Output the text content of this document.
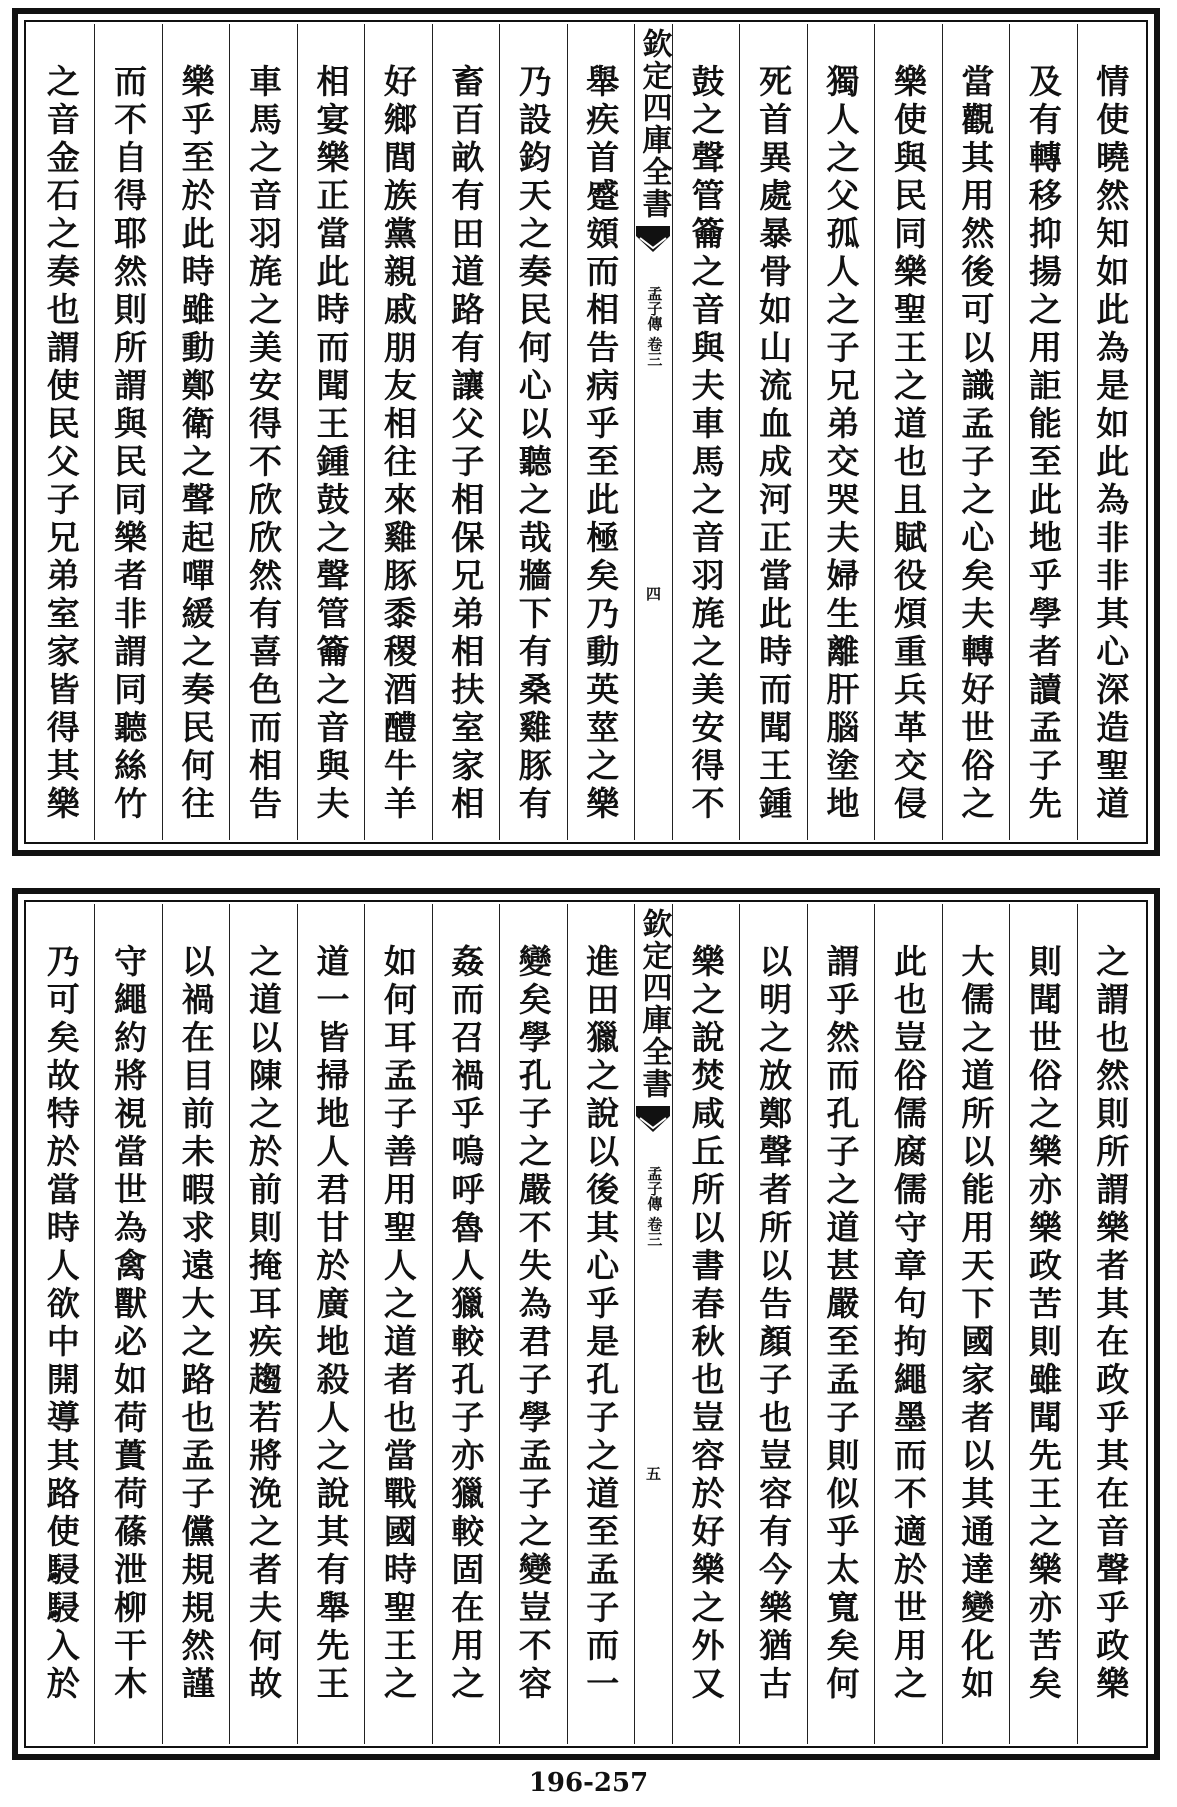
情使曉然知如此為是如此為非非其心深造聖道
及有轉移抑揚之用詎能至此地乎學者讀孟子先
當觀其用然後可以識孟子之心矣夫轉好世俗之
樂使與民同樂聖王之道也且賦役煩重兵革交侵
獨人之父孤人之子兄弟交哭夫婦生離肝腦塗地
死首異處暴骨如山流血成河正當此時而聞王鍾
鼓之聲管籥之音與夫車馬之音羽旄之美安得不
欽定四庫全書
孟子傳 卷三
四
舉疾首蹙頞而相告病乎至此極矣乃動英莖之樂
乃設鈞天之奏民何心以聽之哉牆下有桑雞豚有
畜百畝有田道路有讓父子相保兄弟相扶室家相
好鄉閭族黨親戚朋友相往來雞豚黍稷酒醴牛羊
相宴樂正當此時而聞王鍾鼓之聲管籥之音與夫
車馬之音羽旄之美安得不欣欣然有喜色而相告
樂乎至於此時雖動鄭衛之聲起嘽緩之奏民何往
而不自得耶然則所謂與民同樂者非謂同聽絲竹
之音金石之奏也謂使民父子兄弟室家皆得其樂
之謂也然則所謂樂者其在政乎其在音聲乎政樂
則聞世俗之樂亦樂政苦則雖聞先王之樂亦苦矣
大儒之道所以能用天下國家者以其通達變化如
此也豈俗儒腐儒守章句拘繩墨而不適於世用之
謂乎然而孔子之道甚嚴至孟子則似乎太寬矣何
以明之放鄭聲者所以告顏子也豈容有今樂猶古
樂之說焚咸丘所以書春秋也豈容於好樂之外又
欽定四庫全書
孟子傳 卷三
五
進田獵之說以後其心乎是孔子之道至孟子而一
變矣學孔子之嚴不失為君子學孟子之變豈不容
姦而召禍乎嗚呼魯人獵較孔子亦獵較固在用之
如何耳孟子善用聖人之道者也當戰國時聖王之
道一皆掃地人君甘於廣地殺人之說其有舉先王
之道以陳之於前則掩耳疾趨若將浼之者夫何故
以禍在目前未暇求遠大之路也孟子儻規規然謹
守繩約將視當世為禽獸必如荷蕢荷蓧泄柳干木
乃可矣故特於當時人欲中開導其路使駸駸入於
196-257
